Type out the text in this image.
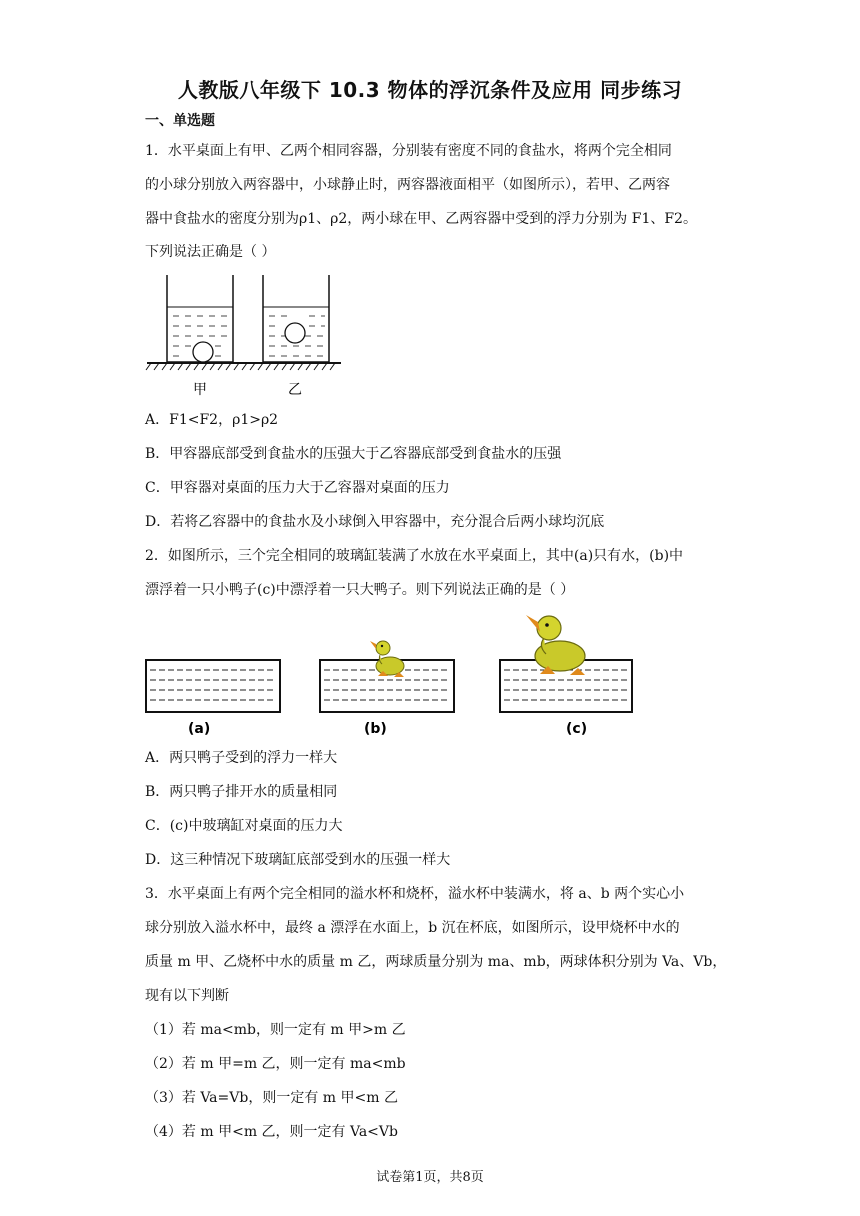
人教版八年级下 10.3 物体的浮沉条件及应用 同步练习
一、单选题
1．水平桌面上有甲、乙两个相同容器，分别装有密度不同的食盐水，将两个完全相同
的小球分别放入两容器中，小球静止时，两容器液面相平（如图所示），若甲、乙两容
器中食盐水的密度分别为ρ1、ρ2，两小球在甲、乙两容器中受到的浮力分别为 F1、F2。
下列说法正确是（ ）
甲	乙
A．F1<F2，ρ1>ρ2
B．甲容器底部受到食盐水的压强大于乙容器底部受到食盐水的压强
C．甲容器对桌面的压力大于乙容器对桌面的压力
D．若将乙容器中的食盐水及小球倒入甲容器中，充分混合后两小球均沉底
2．如图所示，三个完全相同的玻璃缸装满了水放在水平桌面上，其中(a)只有水，(b)中
漂浮着一只小鸭子(c)中漂浮着一只大鸭子。则下列说法正确的是（ ）
(a)	(b)	(c)
A．两只鸭子受到的浮力一样大
B．两只鸭子排开水的质量相同
C．(c)中玻璃缸对桌面的压力大
D．这三种情况下玻璃缸底部受到水的压强一样大
3．水平桌面上有两个完全相同的溢水杯和烧杯，溢水杯中装满水，将 a、b 两个实心小
球分别放入溢水杯中，最终 a 漂浮在水面上，b 沉在杯底，如图所示，设甲烧杯中水的
质量 m 甲、乙烧杯中水的质量 m 乙，两球质量分别为 ma、mb，两球体积分别为 Va、Vb，
现有以下判断
（1）若 ma<mb，则一定有 m 甲>m 乙
（2）若 m 甲=m 乙，则一定有 ma<mb
（3）若 Va=Vb，则一定有 m 甲<m 乙
（4）若 m 甲<m 乙，则一定有 Va<Vb
试卷第1页，共8页
